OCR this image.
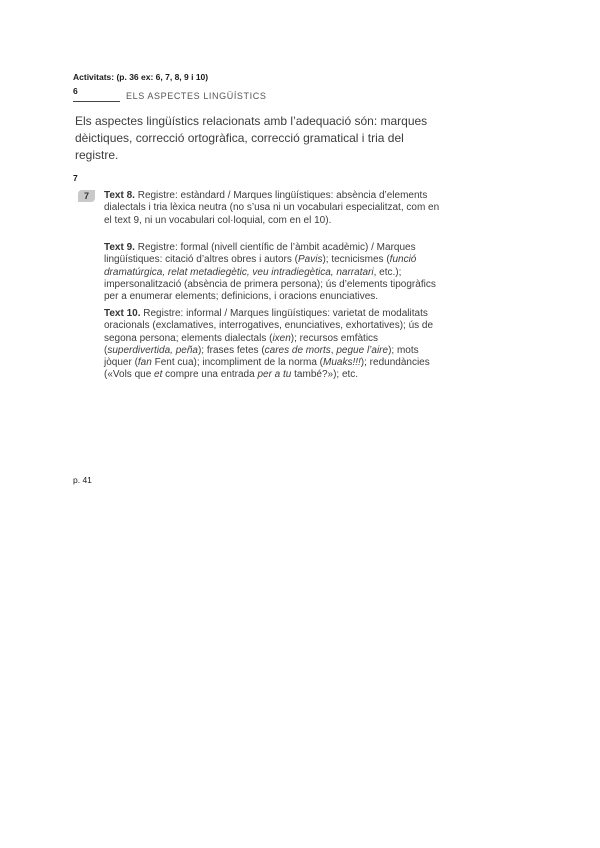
Activitats: (p. 36 ex: 6, 7, 8, 9 i 10)
6	ELS ASPECTES LINGÜÍSTICS
Els aspectes lingüístics relacionats amb l’adequació són: marques dèictiques, correcció ortogràfica, correcció gramatical i tria del registre.
7
7	Text 8. Registre: estàndard / Marques lingüístiques: absència d’elements dialectals i tria lèxica neutra (no s’usa ni un vocabulari especialitzat, com en el text 9, ni un vocabulari col·loquial, com en el 10).
Text 9. Registre: formal (nivell científic de l’àmbit acadèmic) / Marques lingüístiques: citació d’altres obres i autors (Pavis); tecnicismes (funció dramatúrgica, relat metadiegètic, veu intradiegètica, narratari, etc.); impersonalització (absència de primera persona); ús d’elements tipogràfics per a enumerar elements; definicions, i oracions enunciatives.
Text 10. Registre: informal / Marques lingüístiques: varietat de modalitats oracionals (exclamatives, interrogatives, enunciatives, exhortatives); ús de segona persona; elements dialectals (ixen); recursos emfàtics (superdivertida, peña); frases fetes (cares de morts, pegue l’aire); mots jòquer (fan Fent cua); incompliment de la norma (Muaks!!!); redundàncies («Vols que et compre una entrada per a tu també?»); etc.
p. 41
